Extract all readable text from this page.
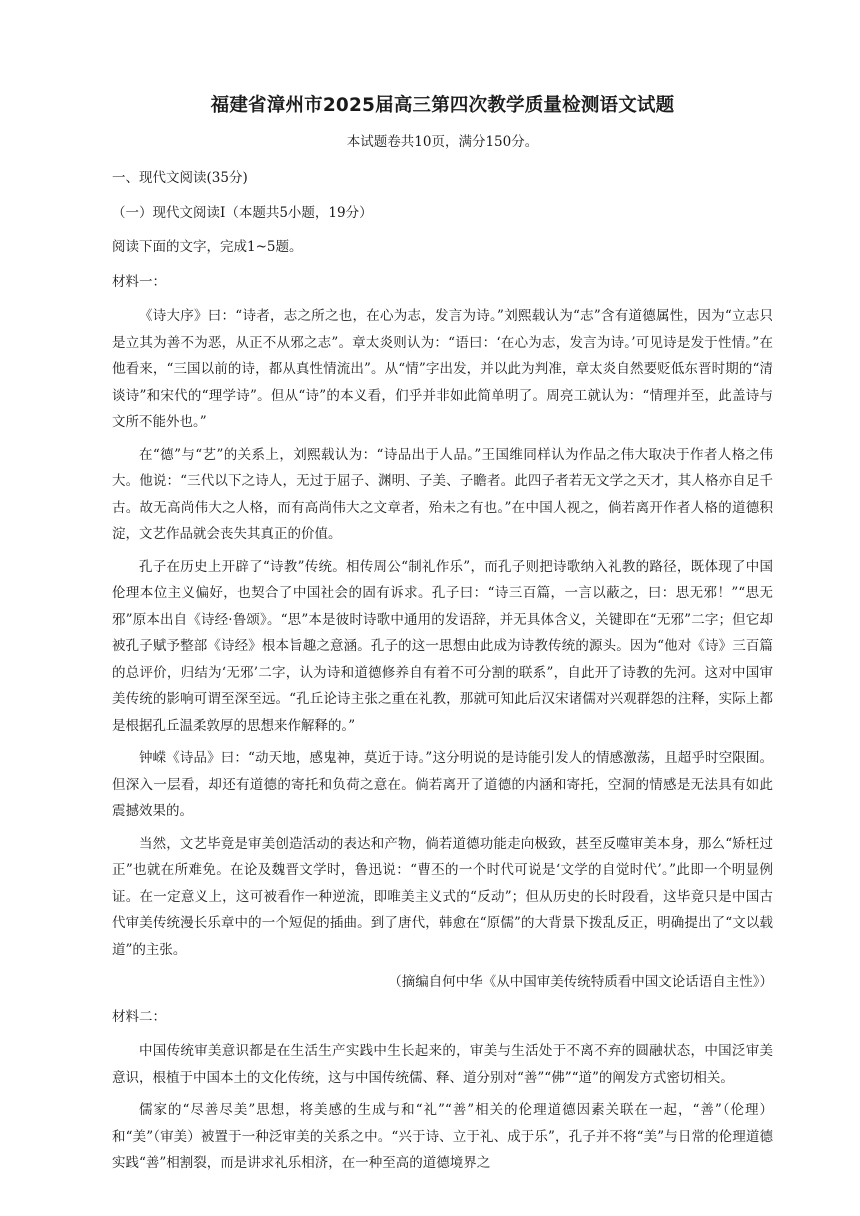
福建省漳州市2025届高三第四次教学质量检测语文试题
本试题卷共10页，满分150分。

一、现代文阅读(35分)

（一）现代文阅读Ⅰ（本题共5小题，19分）

阅读下面的文字，完成1~5题。

材料一：

《诗大序》曰：“诗者，志之所之也，在心为志，发言为诗。”刘熙载认为“志”含有道德属性，因为“立志只是立其为善不为恶，从正不从邪之志”。章太炎则认为：“语曰：‘在心为志，发言为诗。’可见诗是发于性情。”在他看来，“三国以前的诗，都从真性情流出”。从“情”字出发，并以此为判准，章太炎自然要贬低东晋时期的“清谈诗”和宋代的“理学诗”。但从“诗”的本义看，们乎并非如此简单明了。周亮工就认为：“情理并至，此盖诗与文所不能外也。”

在“德”与“艺”的关系上，刘熙载认为：“诗品出于人品。”王国维同样认为作品之伟大取决于作者人格之伟大。他说：“三代以下之诗人，无过于屈子、渊明、子美、子瞻者。此四子者若无文学之天才，其人格亦自足千古。故无高尚伟大之人格，而有高尚伟大之文章者，殆未之有也。”在中国人视之，倘若离开作者人格的道德积淀，文艺作品就会丧失其真正的价值。

孔子在历史上开辟了“诗教”传统。相传周公“制礼作乐”，而孔子则把诗歌纳入礼教的路径，既体现了中国伦理本位主义偏好，也契合了中国社会的固有诉求。孔子曰：“诗三百篇，一言以蔽之，曰：思无邪！”“思无邪”原本出自《诗经·鲁颂》。“思”本是彼时诗歌中通用的发语辞，并无具体含义，关键即在“无邪”二字；但它却被孔子赋予整部《诗经》根本旨趣之意涵。孔子的这一思想由此成为诗教传统的源头。因为“他对《诗》三百篇的总评价，归结为‘无邪’二字，认为诗和道德修养自有着不可分割的联系”，自此开了诗教的先河。这对中国审美传统的影响可谓至深至远。“孔丘论诗主张之重在礼教，那就可知此后汉宋诸儒对兴观群怨的注释，实际上都是根据孔丘温柔敦厚的思想来作解释的。”

钟嵘《诗品》曰：“动天地，感鬼神，莫近于诗。”这分明说的是诗能引发人的情感激荡，且超乎时空限囿。但深入一层看，却还有道德的寄托和负荷之意在。倘若离开了道德的内涵和寄托，空洞的情感是无法具有如此震撼效果的。

当然，文艺毕竟是审美创造活动的表达和产物，倘若道德功能走向极致，甚至反噬审美本身，那么“矫枉过正”也就在所难免。在论及魏晋文学时，鲁迅说：“曹丕的一个时代可说是‘文学的自觉时代’。”此即一个明显例证。在一定意义上，这可被看作一种逆流，即唯美主义式的“反动”；但从历史的长时段看，这毕竟只是中国古代审美传统漫长乐章中的一个短促的插曲。到了唐代，韩愈在“原儒”的大背景下拨乱反正，明确提出了“文以载道”的主张。

（摘编自何中华《从中国审美传统特质看中国文论话语自主性》）

材料二：

中国传统审美意识都是在生活生产实践中生长起来的，审美与生活处于不离不弃的圆融状态，中国泛审美意识，根植于中国本土的文化传统，这与中国传统儒、释、道分别对“善”“佛”“道”的阐发方式密切相关。

儒家的“尽善尽美”思想，将美感的生成与和“礼”“善”相关的伦理道德因素关联在一起，“善”（伦理）和“美”（审美）被置于一种泛审美的关系之中。“兴于诗、立于礼、成于乐”，孔子并不将“美”与日常的伦理道德实践“善”相割裂，而是讲求礼乐相济，在一种至高的道德境界之
